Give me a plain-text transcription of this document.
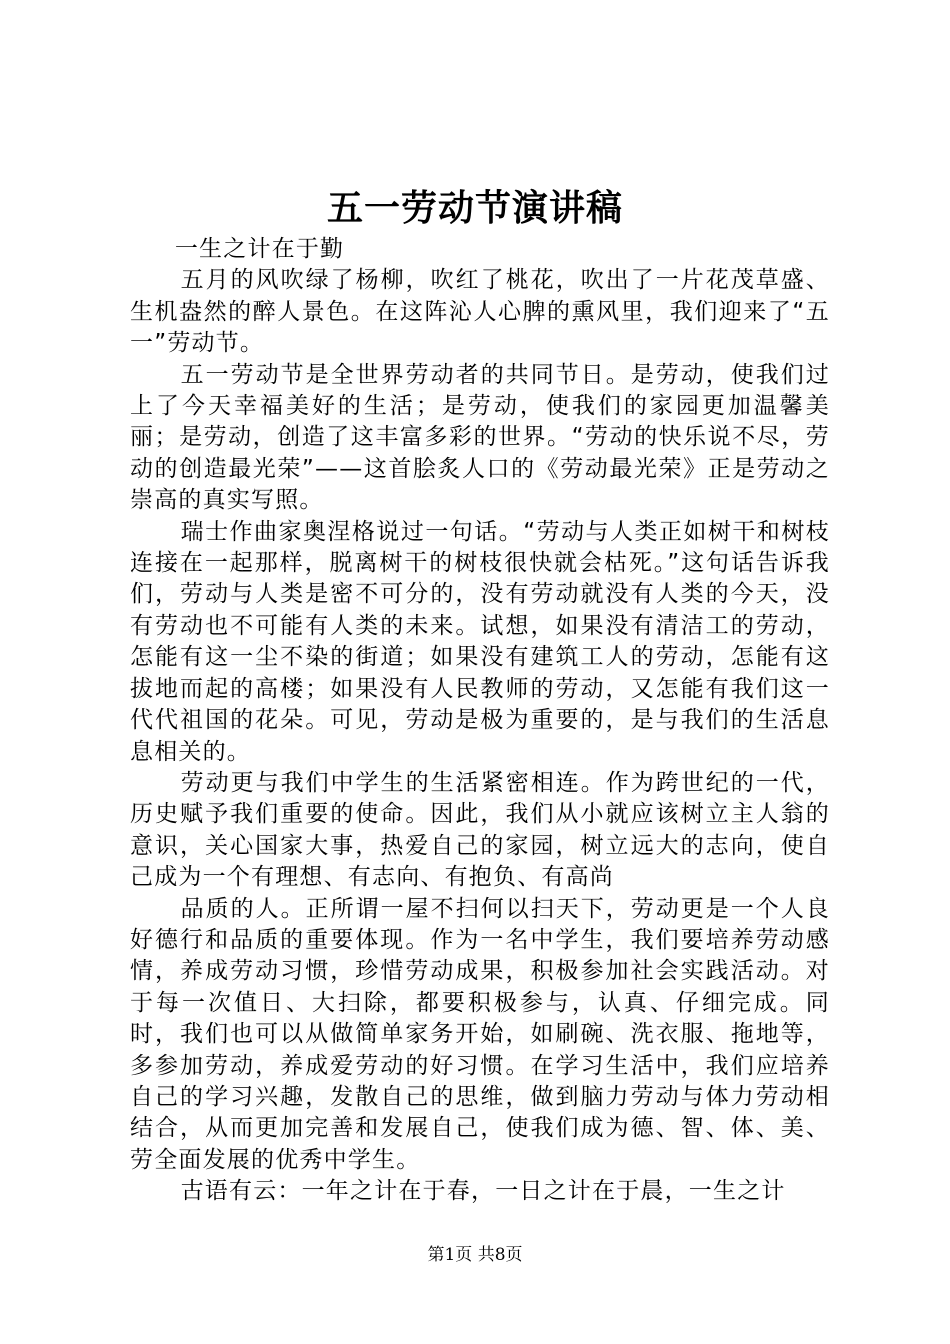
五一劳动节演讲稿

一生之计在于勤

五月的风吹绿了杨柳，吹红了桃花，吹出了一片花茂草盛、生机盎然的醉人景色。在这阵沁人心脾的熏风里，我们迎来了“五一”劳动节。

五一劳动节是全世界劳动者的共同节日。是劳动，使我们过上了今天幸福美好的生活；是劳动，使我们的家园更加温馨美丽；是劳动，创造了这丰富多彩的世界。“劳动的快乐说不尽，劳动的创造最光荣”——这首脍炙人口的《劳动最光荣》正是劳动之崇高的真实写照。

瑞士作曲家奥涅格说过一句话。“劳动与人类正如树干和树枝连接在一起那样，脱离树干的树枝很快就会枯死。”这句话告诉我们，劳动与人类是密不可分的，没有劳动就没有人类的今天，没有劳动也不可能有人类的未来。试想，如果没有清洁工的劳动，怎能有这一尘不染的街道；如果没有建筑工人的劳动，怎能有这拔地而起的高楼；如果没有人民教师的劳动，又怎能有我们这一代代祖国的花朵。可见，劳动是极为重要的，是与我们的生活息息相关的。

劳动更与我们中学生的生活紧密相连。作为跨世纪的一代，历史赋予我们重要的使命。因此，我们从小就应该树立主人翁的意识，关心国家大事，热爱自己的家园，树立远大的志向，使自己成为一个有理想、有志向、有抱负、有高尚

品质的人。正所谓一屋不扫何以扫天下，劳动更是一个人良好德行和品质的重要体现。作为一名中学生，我们要培养劳动感情，养成劳动习惯，珍惜劳动成果，积极参加社会实践活动。对于每一次值日、大扫除，都要积极参与，认真、仔细完成。同时，我们也可以从做简单家务开始，如刷碗、洗衣服、拖地等，多参加劳动，养成爱劳动的好习惯。在学习生活中，我们应培养自己的学习兴趣，发散自己的思维，做到脑力劳动与体力劳动相结合，从而更加完善和发展自己，使我们成为德、智、体、美、劳全面发展的优秀中学生。

古语有云：一年之计在于春，一日之计在于晨，一生之计

第1页 共8页
